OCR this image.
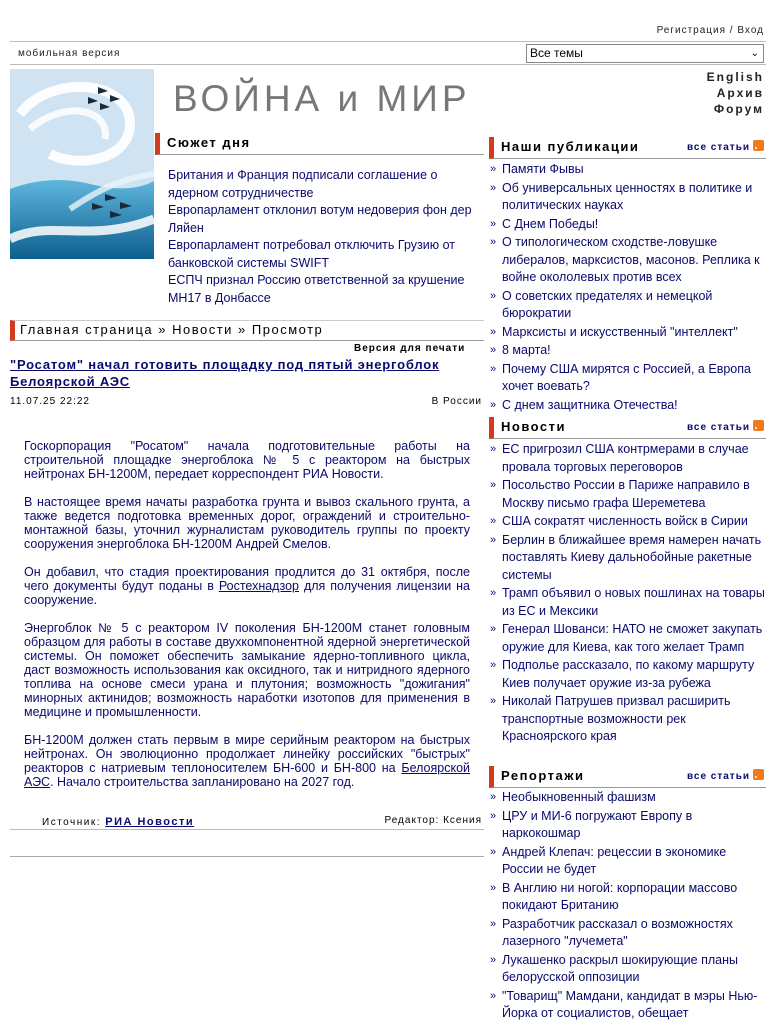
Регистрация / Вход
мобильная версия	Все темы	⌄
ВОЙНА и МИР
English
Архив
Форум
Сюжет дня
Британия и Франция подписали соглашение о ядерном сотрудничестве
Европарламент отклонил вотум недоверия фон дер Ляйен
Европарламент потребовал отключить Грузию от банковской системы SWIFT
ЕСПЧ признал Россию ответственной за крушение MH17 в Донбассе
Главная страница » Новости » Просмотр
Версия для печати
"Росатом" начал готовить площадку под пятый энергоблок Белоярской АЭС
11.07.25 22:22	В России

Госкорпорация "Росатом" начала подготовительные работы на строительной площадке энергоблока № 5 с реактором на быстрых нейтронах БН-1200М, передает корреспондент РИА Новости.

В настоящее время начаты разработка грунта и вывоз скального грунта, а также ведется подготовка временных дорог, ограждений и строительно-монтажной базы, уточнил журналистам руководитель группы по проекту сооружения энергоблока БН-1200М Андрей Смелов.

Он добавил, что стадия проектирования продлится до 31 октября, после чего документы будут поданы в Ростехнадзор для получения лицензии на сооружение.

Энергоблок № 5 с реактором IV поколения БН-1200М станет головным образцом для работы в составе двухкомпонентной ядерной энергетической системы. Он поможет обеспечить замыкание ядерно-топливного цикла, даст возможность использования как оксидного, так и нитридного ядерного топлива на основе смеси урана и плутония; возможность "дожигания" минорных актинидов; возможность наработки изотопов для применения в медицине и промышленности.

БН-1200М должен стать первым в мире серийным реактором на быстрых нейтронах. Он эволюционно продолжает линейку российских "быстрых" реакторов с натриевым теплоносителем БН-600 и БН-800 на Белоярской АЭС. Начало строительства запланировано на 2027 год.

Источник: РИА Новости	Редактор: Ксения
Наши публикации	все статьи
» Памяти Фывы
» Об универсальных ценностях в политике и политических науках
» С Днем Победы!
» О типологическом сходстве-ловушке либералов, марксистов, масонов. Реплика к войне окололевых против всех
» О советских предателях и немецкой бюрократии
» Марксисты и искусственный "интеллект"
» 8 марта!
» Почему США мирятся с Россией, а Европа хочет воевать?
» С днем защитника Отечества!
Новости	все статьи
» ЕС пригрозил США контрмерами в случае провала торговых переговоров
» Посольство России в Париже направило в Москву письмо графа Шереметева
» США сократят численность войск в Сирии
» Берлин в ближайшее время намерен начать поставлять Киеву дальнобойные ракетные системы
» Трамп объявил о новых пошлинах на товары из ЕС и Мексики
» Генерал Шованси: НАТО не сможет закупать оружие для Киева, как того желает Трамп
» Подполье рассказало, по какому маршруту Киев получает оружие из-за рубежа
» Николай Патрушев призвал расширить транспортные возможности рек Красноярского края
Репортажи	все статьи
» Необыкновенный фашизм
» ЦРУ и МИ-6 погружают Европу в наркокошмар
» Андрей Клепач: рецессии в экономике России не будет
» В Англию ни ногой: корпорации массово покидают Британию
» Разработчик рассказал о возможностях лазерного "лучемета"
» Лукашенко раскрыл шокирующие планы белорусской оппозиции
» "Товарищ" Мамдани, кандидат в мэры Нью-Йорка от социалистов, обещает
